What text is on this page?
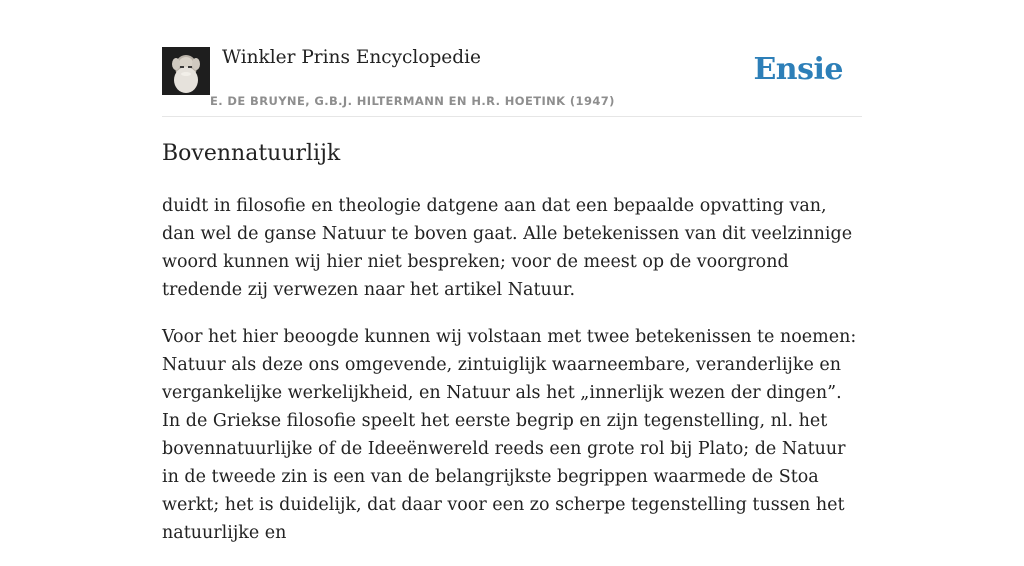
Winkler Prins Encyclopedie
E. DE BRUYNE, G.B.J. HILTERMANN EN H.R. HOETINK (1947)
Ensie
Bovennatuurlijk

duidt in filosofie en theologie datgene aan dat een bepaalde opvatting van, dan wel de ganse Natuur te boven gaat. Alle betekenissen van dit veelzinnige woord kunnen wij hier niet bespreken; voor de meest op de voorgrond tredende zij verwezen naar het artikel Natuur.

Voor het hier beoogde kunnen wij volstaan met twee betekenissen te noemen: Natuur als deze ons omgevende, zintuiglijk waarneembare, veranderlijke en vergankelijke werkelijkheid, en Natuur als het „innerlijk wezen der dingen”. In de Griekse filosofie speelt het eerste begrip en zijn tegenstelling, nl. het bovennatuurlijke of de Ideeënwereld reeds een grote rol bij Plato; de Natuur in de tweede zin is een van de belangrijkste begrippen waarmede de Stoa werkt; het is duidelijk, dat daar voor een zo scherpe tegenstelling tussen het natuurlijke en
